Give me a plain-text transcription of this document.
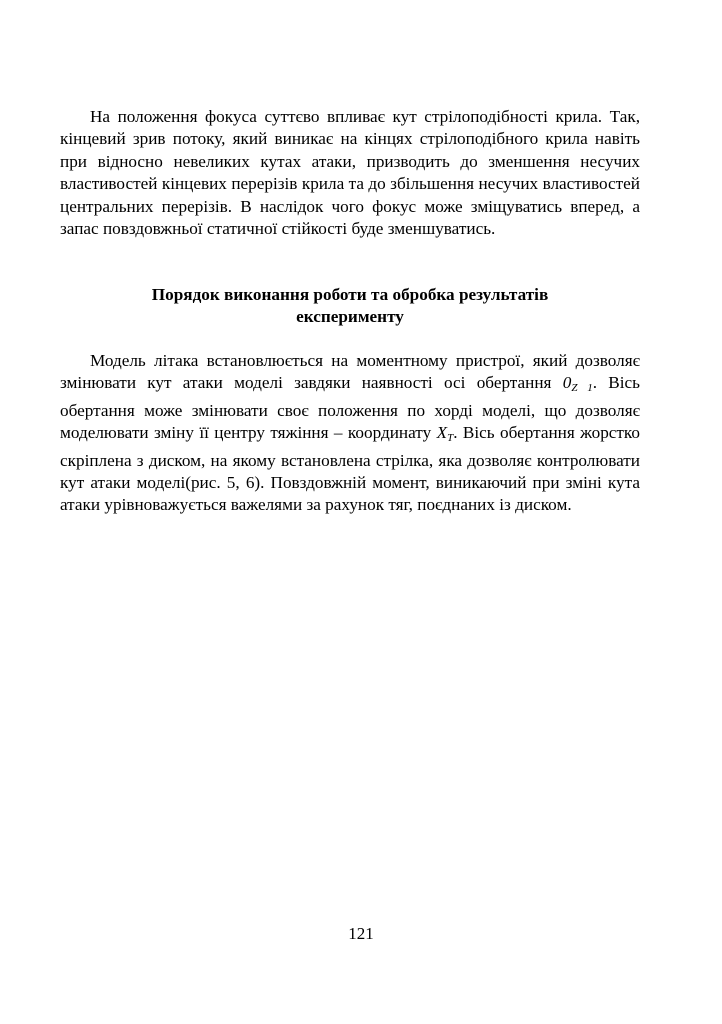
На положення фокуса суттєво впливає кут стрілоподібності крила. Так, кінцевий зрив потоку, який виникає на кінцях стрілоподібного крила навіть при відносно невеликих кутах атаки, призводить до зменшення несучих властивостей кінцевих перерізів крила та до збільшення несучих властивостей центральних перерізів. В наслідок чого фокус може зміщуватись вперед, а запас повздовжньої статичної стійкості буде зменшуватись.

Порядок виконання роботи та обробка результатів
експерименту

Модель літака встановлюється на моментному пристрої, який дозволяє змінювати кут атаки моделі завдяки наявності осі обертання $0_{Z 1}$. Вісь обертання може змінювати своє положення по хорді моделі, що дозволяє моделювати зміну її центру тяжіння – координату $X_T$. Вісь обертання жорстко скріплена з диском, на якому встановлена стрілка, яка дозволяє контролювати кут атаки моделі(рис. 5, 6). Повздовжній момент, виникаючий при зміні кута атаки урівноважується важелями за рахунок тяг, поєднаних із диском.

121
